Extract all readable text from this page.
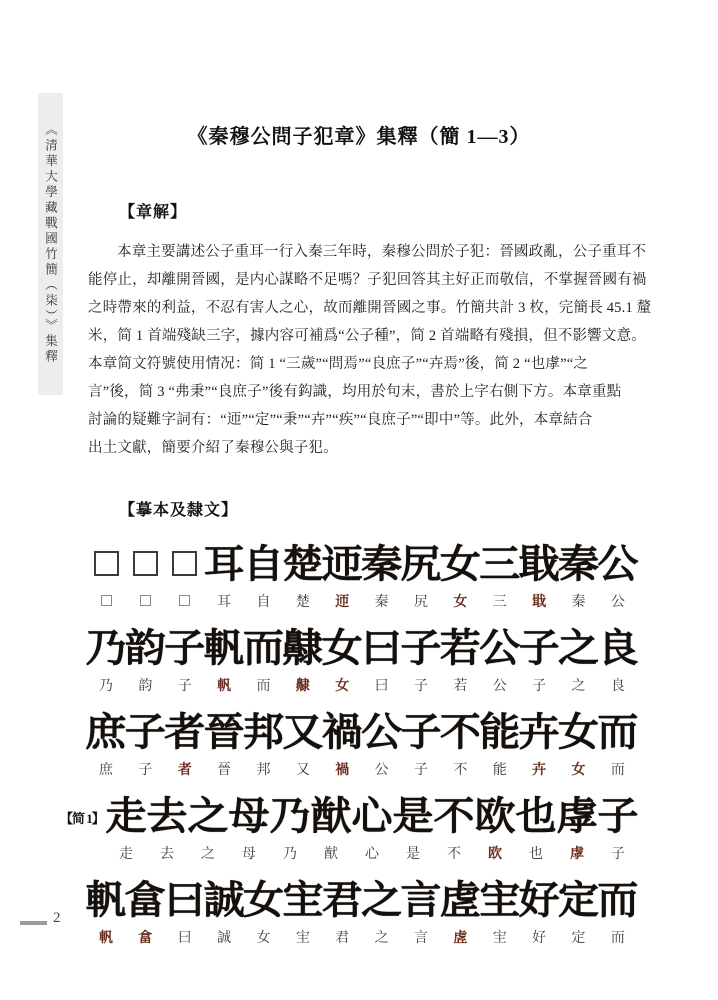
《清華大學藏戰國竹簡（柒）》集釋	《秦穆公問子犯章》集釋（簡 1—3）
【章解】
本章主要講述公子重耳一行入秦三年時，秦穆公問於子犯：晉國政亂，公子重耳不
能停止，却離開晉國，是内心謀略不足嗎？子犯回答其主好正而敬信，不掌握晉國有禍
之時帶來的利益，不忍有害人之心，故而離開晉國之事。竹簡共計 3 枚，完簡長 45.1 釐
米，简 1 首端殘缺三字，據内容可補爲“公子種”，简 2 首端略有殘損，但不影響文意。
本章简文符號使用情况：简 1 “三歲”“問焉”“良庶子”“卉焉”後，简 2 “也虖”“之
言”後，简 3 “弗秉”“良庶子”後有鈎識，均用於句末，書於上字右側下方。本章重點
討論的疑難字詞有：“迊”“定”“秉”“卉”“疾”“良庶子”“即中”等。此外，本章結合
出土文獻，簡要介紹了秦穆公與子犯。
【摹本及隸文】
耳
耳
自
自
楚
楚
迊
迊
秦
秦
尻
尻
女
女
三
三
戢
戢
秦
秦
公
公
乃
乃
韵
韵
子
子
軓
軓
而
而
齂
齂
女
女
曰
曰
子
子
若
若
公
公
子
子
之
之
良
良
庶
庶
子
子
者
者
晉
晉
邦
邦
又
又
禍
禍
公
公
子
子
不
不
能
能
卉
卉
女
女
而
而
【简 1】 走
走
去
去
之
之
母
母
乃
乃
猷
猷
心
心
是
是
不
不
欧
欧
也
也
虖
虖
子
子
軓
軓
畣
畣
曰
曰
誠
誠
女
女
宔
宔
君
君
之
之
言
言
虗
虗
宔
宔
好
好
定
定
而
而
2
